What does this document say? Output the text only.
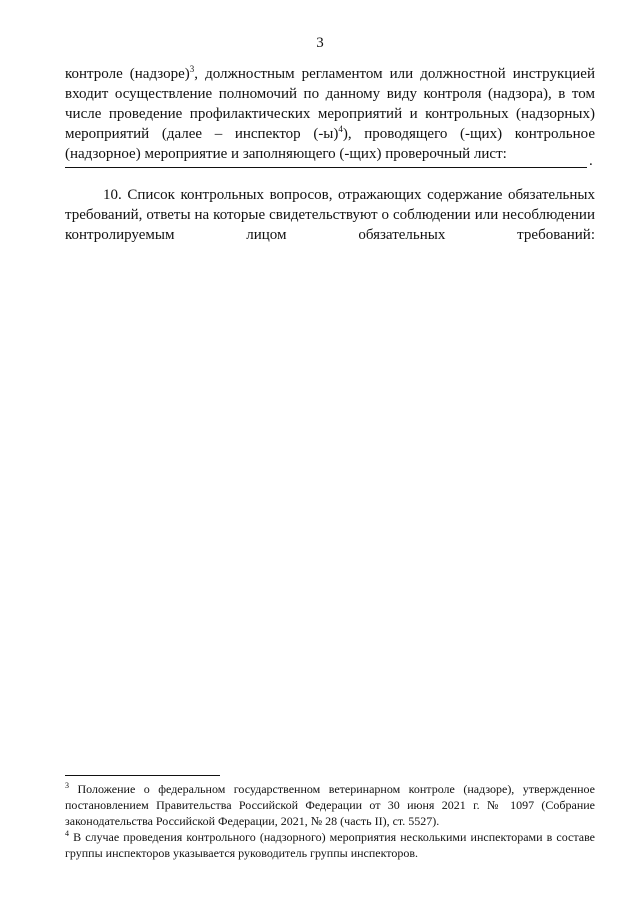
3
контроле (надзоре)$^3$, должностным регламентом или должностной инструкцией входит осуществление полномочий по данному виду контроля (надзора), в том числе проведение профилактических мероприятий и контрольных (надзорных) мероприятий (далее – инспектор $(-ы)^4$), проводящего (-щих) контрольное (надзорное) мероприятие и заполняющего (-щих) проверочный лист:	.
10. Список контрольных вопросов, отражающих содержание обязательных требований, ответы на которые свидетельствуют о соблюдении или несоблюдении контролируемым лицом обязательных требований:
$^3$ Положение о федеральном государственном ветеринарном контроле (надзоре), утвержденное постановлением Правительства Российской Федерации от 30 июня 2021 г. № 1097 (Собрание законодательства Российской Федерации, 2021, № 28 (часть II), ст. 5527).
$^4$ В случае проведения контрольного (надзорного) мероприятия несколькими инспекторами в составе группы инспекторов указывается руководитель группы инспекторов.
